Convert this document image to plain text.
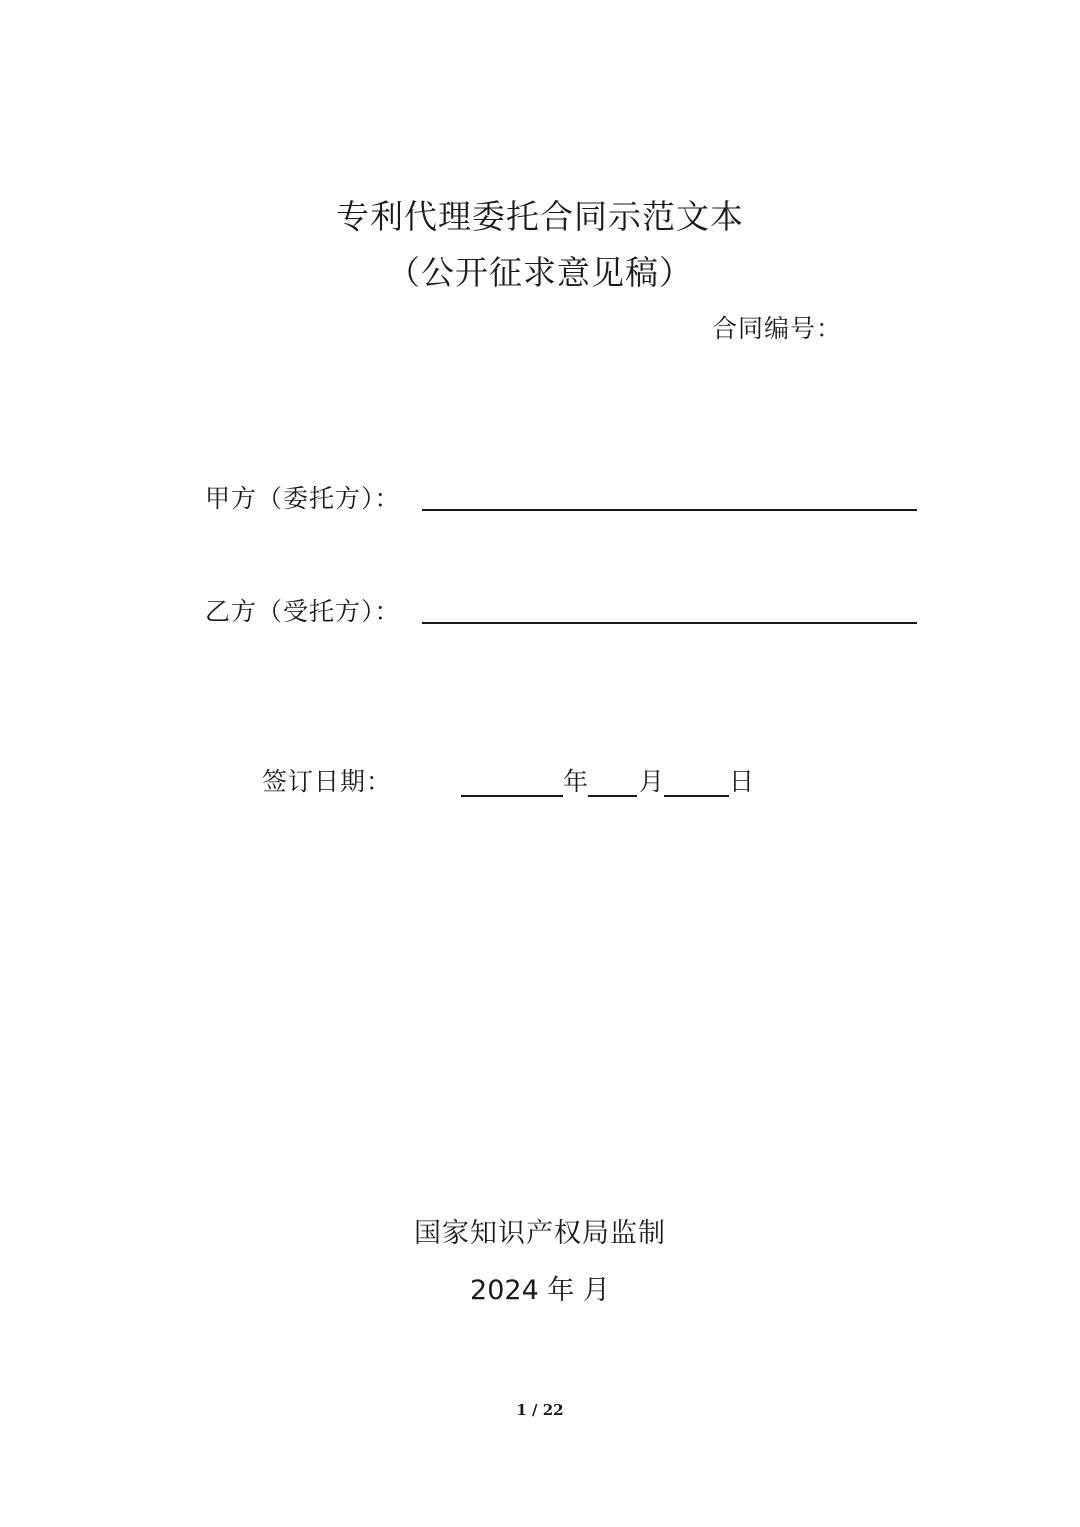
专利代理委托合同示范文本
（公开征求意见稿）
合同编号：
甲方（委托方）：
乙方（受托方）：
签订日期：	年 月	日
国家知识产权局监制
2024 年 月
1 / 22
